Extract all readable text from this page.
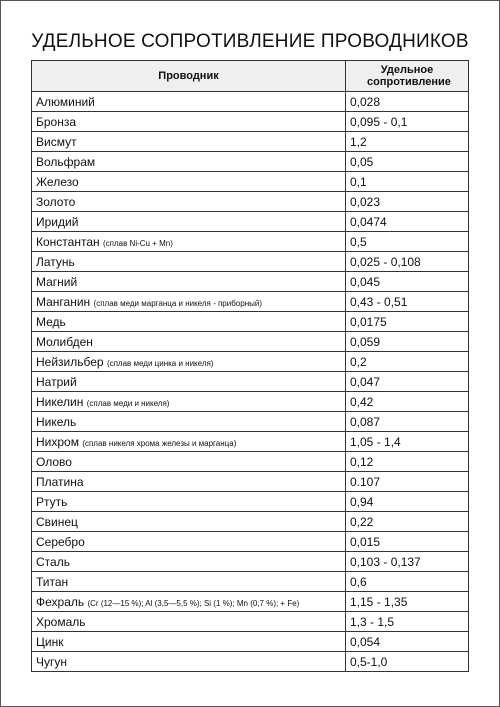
УДЕЛЬНОЕ СОПРОТИВЛЕНИЕ ПРОВОДНИКОВ
Проводник	Удельное сопротивление
Алюминий	0,028
Бронза	0,095 - 0,1
Висмут	1,2
Вольфрам	0,05
Железо	0,1
Золото	0,023
Иридий	0,0474
Константан (сплав Ni-Cu + Mn)	0,5
Латунь	0,025 - 0,108
Магний	0,045
Манганин (сплав меди марганца и никеля - приборный)	0,43 - 0,51
Медь	0,0175
Молибден	0,059
Нейзильбер (сплав меди цинка и никеля)	0,2
Натрий	0,047
Никелин (сплав меди и никеля)	0,42
Никель	0,087
Нихром (сплав никеля хрома железы и марганца)	1,05 - 1,4
Олово	0,12
Платина	0.107
Ртуть	0,94
Свинец	0,22
Серебро	0,015
Сталь	0,103 - 0,137
Титан	0,6
Фехраль (Cr (12—15 %); Al (3,5—5,5 %); Si (1 %); Mn (0,7 %); + Fe)	1,15 - 1,35
Хромаль	1,3 - 1,5
Цинк	0,054
Чугун	0,5-1,0
